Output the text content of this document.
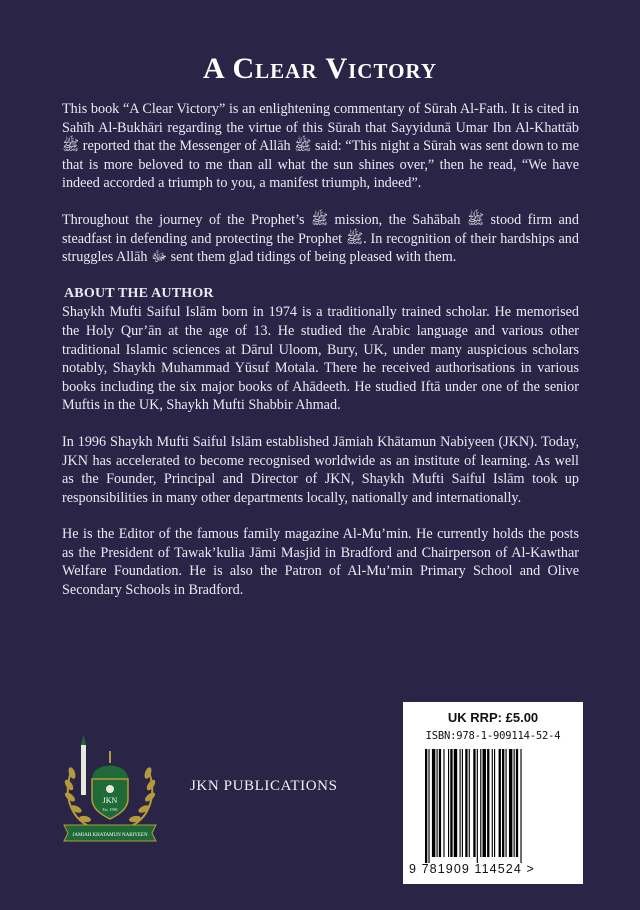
A Clear Victory

This book “A Clear Victory” is an enlightening commentary of Sūrah Al-Fath. It is cited in Sahīh Al-Bukhāri regarding the virtue of this Sūrah that Sayyidunā Umar Ibn Al-Khattāb ﷺ reported that the Messenger of Allāh ﷺ said: “This night a Sūrah was sent down to me that is more beloved to me than all what the sun shines over,” then he read, “We have indeed accorded a triumph to you, a manifest triumph, indeed”.

Throughout the journey of the Prophet’s ﷺ mission, the Sahābah ﷺ stood firm and steadfast in defending and protecting the Prophet ﷺ. In recognition of their hardships and struggles Allāh ﷻ sent them glad tidings of being pleased with them.

ABOUT THE AUTHOR

Shaykh Mufti Saiful Islām born in 1974 is a traditionally trained scholar. He memorised the Holy Qur’ān at the age of 13. He studied the Arabic language and various other traditional Islamic sciences at Dārul Uloom, Bury, UK, under many auspicious scholars notably, Shaykh Muhammad Yūsuf Motala. There he received authorisations in various books including the six major books of Ahādeeth. He studied Iftā under one of the senior Muftis in the UK, Shaykh Mufti Shabbir Ahmad.

In 1996 Shaykh Mufti Saiful Islām established Jāmiah Khātamun Nabiyeen (JKN). Today, JKN has accelerated to become recognised worldwide as an institute of learning. As well as the Founder, Principal and Director of JKN, Shaykh Mufti Saiful Islām took up responsibilities in many other departments locally, nationally and internationally.

He is the Editor of the famous family magazine Al-Mu’min. He currently holds the posts as the President of Tawak’kulia Jāmi Masjid in Bradford and Chairperson of Al-Kawthar Welfare Foundation. He is also the Patron of Al-Mu’min Primary School and Olive Secondary Schools in Bradford.

JKN
Est. 1996
JAMIAH KHATAMUN NABIYEEN
JKN PUBLICATIONS
UK RRP: £5.00
ISBN:978-1-909114-52-4
9 781909 114524 >
